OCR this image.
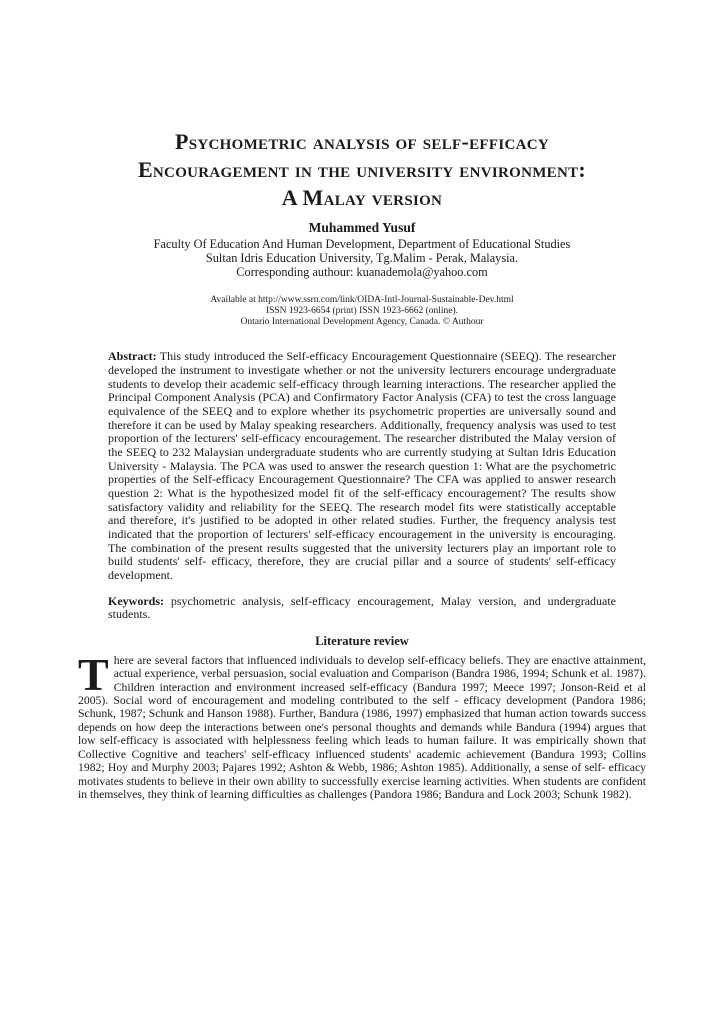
Psychometric analysis of self-efficacy
Encouragement in the university environment:
A Malay version
Muhammed Yusuf
Faculty Of Education And Human Development, Department of Educational Studies
Sultan Idris Education University, Tg.Malim - Perak, Malaysia.
Corresponding authour: kuanademola@yahoo.com
Available at http://www.ssrn.com/link/OIDA-Intl-Journal-Sustainable-Dev.html
ISSN 1923-6654 (print) ISSN 1923-6662 (online).
Ontario International Development Agency, Canada. © Authour

Abstract: This study introduced the Self-efficacy Encouragement Questionnaire (SEEQ). The researcher developed the instrument to investigate whether or not the university lecturers encourage undergraduate students to develop their academic self-efficacy through learning interactions. The researcher applied the Principal Component Analysis (PCA) and Confirmatory Factor Analysis (CFA) to test the cross language equivalence of the SEEQ and to explore whether its psychometric properties are universally sound and therefore it can be used by Malay speaking researchers. Additionally, frequency analysis was used to test proportion of the lecturers' self-efficacy encouragement. The researcher distributed the Malay version of the SEEQ to 232 Malaysian undergraduate students who are currently studying at Sultan Idris Education University - Malaysia. The PCA was used to answer the research question 1: What are the psychometric properties of the Self-efficacy Encouragement Questionnaire? The CFA was applied to answer research question 2: What is the hypothesized model fit of the self-efficacy encouragement? The results show satisfactory validity and reliability for the SEEQ. The research model fits were statistically acceptable and therefore, it's justified to be adopted in other related studies. Further, the frequency analysis test indicated that the proportion of lecturers' self-efficacy encouragement in the university is encouraging. The combination of the present results suggested that the university lecturers play an important role to build students' self- efficacy, therefore, they are crucial pillar and a source of students' self-efficacy development.

Keywords: psychometric analysis, self-efficacy encouragement, Malay version, and undergraduate students.

Literature review

There are several factors that influenced individuals to develop self-efficacy beliefs. They are enactive attainment, actual experience, verbal persuasion, social evaluation and Comparison (Bandra 1986, 1994; Schunk et al. 1987). Children interaction and environment increased self-efficacy (Bandura 1997; Meece 1997; Jonson-Reid et al 2005). Social word of encouragement and modeling contributed to the self - efficacy development (Pandora 1986; Schunk, 1987; Schunk and Hanson 1988). Further, Bandura (1986, 1997) emphasized that human action towards success depends on how deep the interactions between one's personal thoughts and demands while Bandura (1994) argues that low self-efficacy is associated with helplessness feeling which leads to human failure. It was empirically shown that Collective Cognitive and teachers' self-efficacy influenced students' academic achievement (Bandura 1993; Collins 1982; Hoy and Murphy 2003; Pajares 1992; Ashton & Webb, 1986; Ashton 1985). Additionally, a sense of self- efficacy motivates students to believe in their own ability to successfully exercise learning activities. When students are confident in themselves, they think of learning difficulties as challenges (Pandora 1986; Bandura and Lock 2003; Schunk 1982).
